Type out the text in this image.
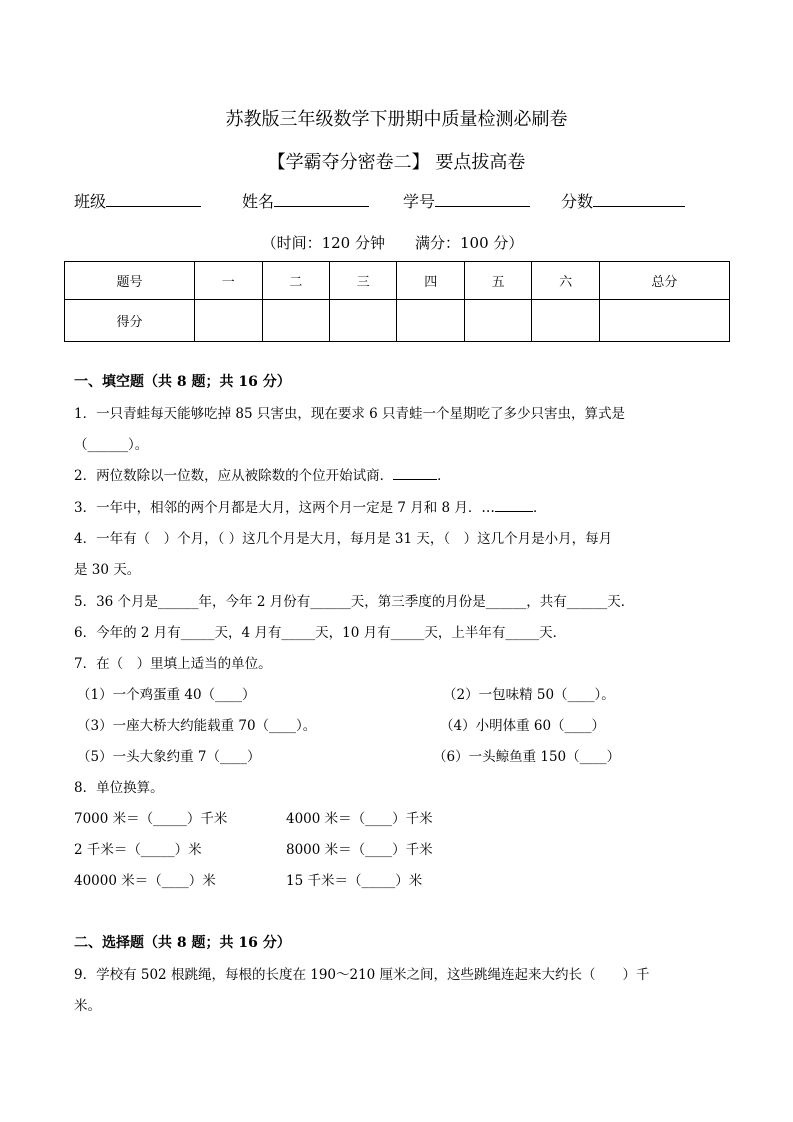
苏教版三年级数学下册期中质量检测必刷卷
【学霸夺分密卷二】 要点拔高卷
班级	姓名	学号	分数
（时间：120 分钟　　满分：100 分）
题号	一	二	三	四	五	六	总分
得分							
一、填空题（共 8 题；共 16 分）
1．一只青蛙每天能够吃掉 85 只害虫，现在要求 6 只青蛙一个星期吃了多少只害虫，算式是
（______）。
2．两位数除以一位数，应从被除数的个位开始试商．	．
3．一年中，相邻的两个月都是大月，这两个月一定是 7 月和 8 月．…	．
4．一年有（　）个月，（ ）这几个月是大月，每月是 31 天，（　）这几个月是小月，每月
是 30 天。
5．36 个月是______年，今年 2 月份有______天，第三季度的月份是______，共有______天．
6．今年的 2 月有_____天，4 月有_____天，10 月有_____天，上半年有_____天．
7．在（　）里填上适当的单位。
（1）一个鸡蛋重 40（____）	（2）一包味精 50（____）。
（3）一座大桥大约能载重 70（____）。	（4）小明体重 60（____）
（5）一头大象约重 7（____）	（6）一头鲸鱼重 150（____）
8．单位换算。
7000 米＝（_____）千米	4000 米＝（____）千米
2 千米＝（_____）米	8000 米＝（____）千米
40000 米＝（____）米	15 千米＝（_____）米
二、选择题（共 8 题；共 16 分）
9．学校有 502 根跳绳，每根的长度在 190～210 厘米之间，这些跳绳连起来大约长（　　）千
米。
